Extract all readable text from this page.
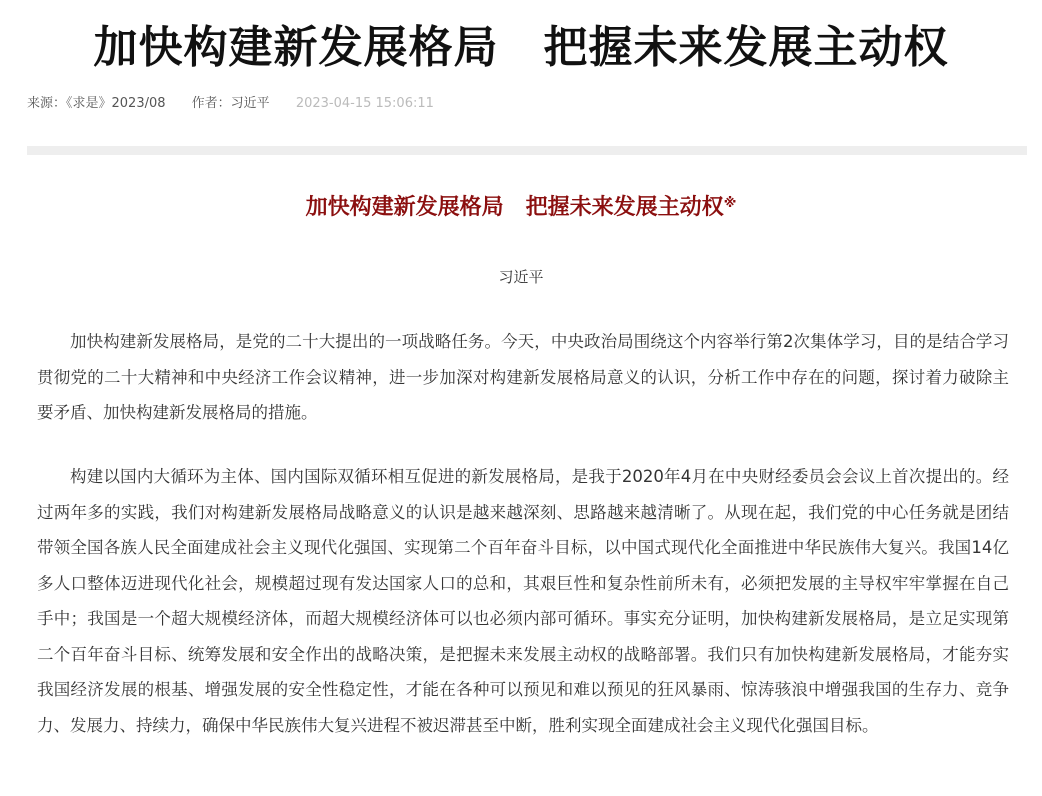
加快构建新发展格局　把握未来发展主动权
来源：《求是》2023/08 作者：习近平 2023-04-15 15:06:11
加快构建新发展格局　把握未来发展主动权※
习近平

加快构建新发展格局，是党的二十大提出的一项战略任务。今天，中央政治局围绕这个内容举行第2次集体学习，目的是结合学习贯彻党的二十大精神和中央经济工作会议精神，进一步加深对构建新发展格局意义的认识，分析工作中存在的问题，探讨着力破除主要矛盾、加快构建新发展格局的措施。

构建以国内大循环为主体、国内国际双循环相互促进的新发展格局，是我于2020年4月在中央财经委员会会议上首次提出的。经过两年多的实践，我们对构建新发展格局战略意义的认识是越来越深刻、思路越来越清晰了。从现在起，我们党的中心任务就是团结带领全国各族人民全面建成社会主义现代化强国、实现第二个百年奋斗目标，以中国式现代化全面推进中华民族伟大复兴。我国14亿多人口整体迈进现代化社会，规模超过现有发达国家人口的总和，其艰巨性和复杂性前所未有，必须把发展的主导权牢牢掌握在自己手中；我国是一个超大规模经济体，而超大规模经济体可以也必须内部可循环。事实充分证明，加快构建新发展格局，是立足实现第二个百年奋斗目标、统筹发展和安全作出的战略决策，是把握未来发展主动权的战略部署。我们只有加快构建新发展格局，才能夯实我国经济发展的根基、增强发展的安全性稳定性，才能在各种可以预见和难以预见的狂风暴雨、惊涛骇浪中增强我国的生存力、竞争力、发展力、持续力，确保中华民族伟大复兴进程不被迟滞甚至中断，胜利实现全面建成社会主义现代化强国目标。
